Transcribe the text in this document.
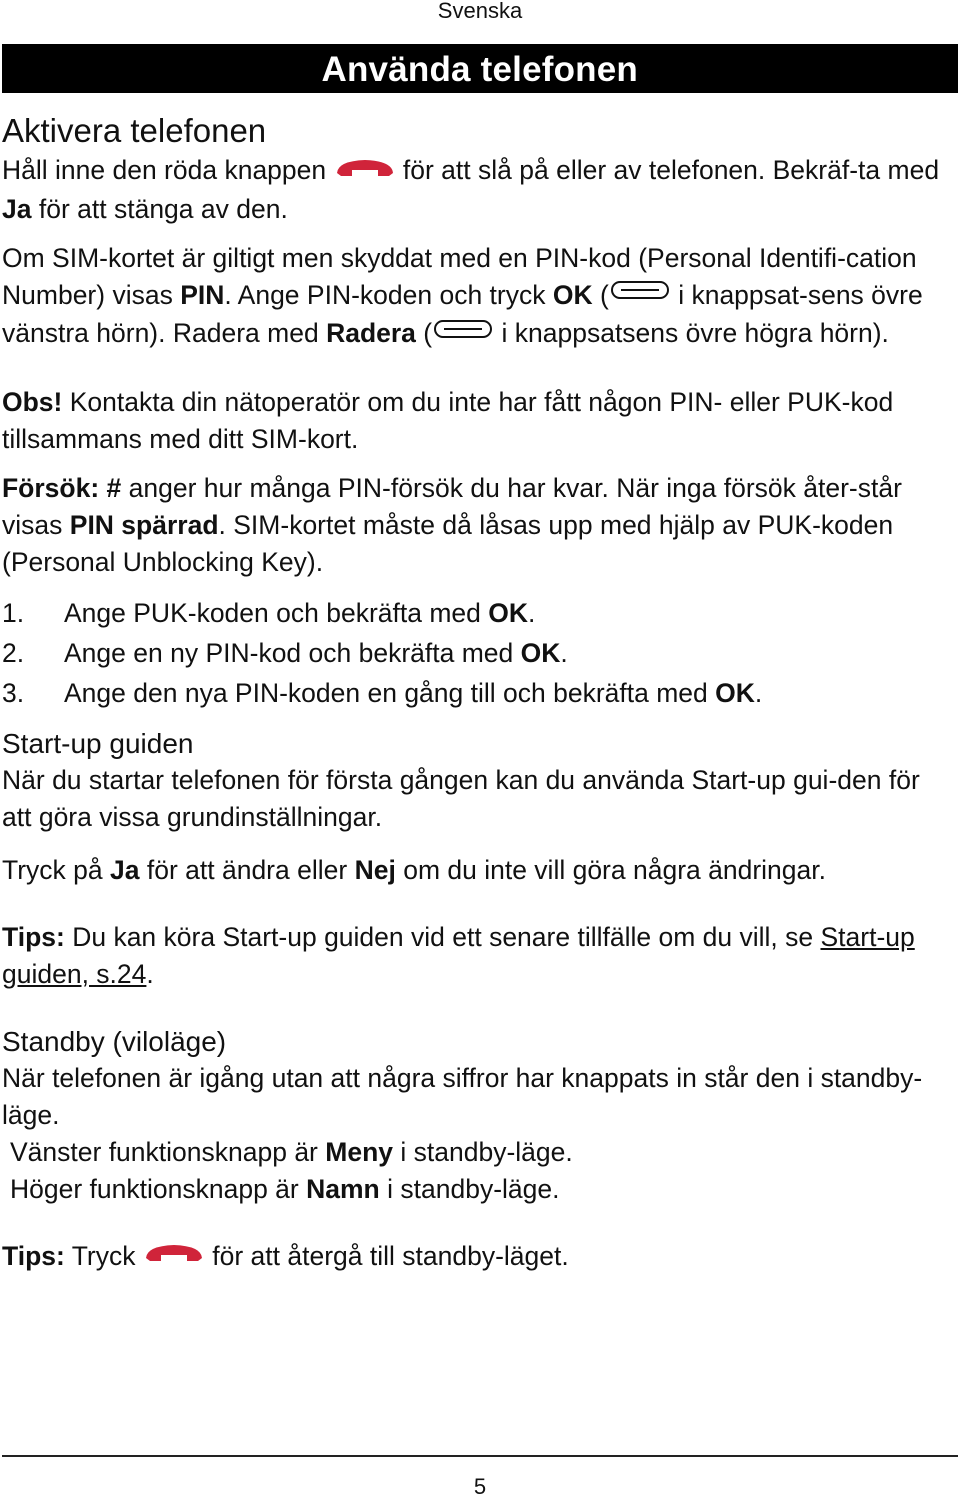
Svenska
Använda telefonen
Aktivera telefonen

Håll inne den röda knappen	för att slå på eller av telefonen. Bekräf-ta med Ja för att stänga av den.

Om SIM-kortet är giltigt men skyddat med en PIN-kod (Personal Identifi-cation Number) visas PIN. Ange PIN-koden och tryck OK (	i knappsat-sens övre vänstra hörn). Radera med Radera (	i knappsatsens övre högra hörn).

Obs! Kontakta din nätoperatör om du inte har fått någon PIN- eller PUK-kod tillsammans med ditt SIM-kort.

Försök: # anger hur många PIN-försök du har kvar. När inga försök åter-står visas PIN spärrad. SIM-kortet måste då låsas upp med hjälp av PUK-koden (Personal Unblocking Key).

1.	Ange PUK-koden och bekräfta med OK.
2.	Ange en ny PIN-kod och bekräfta med OK.
3.	Ange den nya PIN-koden en gång till och bekräfta med OK.
Start-up guiden

När du startar telefonen för första gången kan du använda Start-up gui-den för att göra vissa grundinställningar.

Tryck på Ja för att ändra eller Nej om du inte vill göra några ändringar.

Tips: Du kan köra Start-up guiden vid ett senare tillfälle om du vill, se Start-up guiden, s.24.

Standby (viloläge)

När telefonen är igång utan att några siffror har knappats in står den i standby-läge.

Vänster funktionsknapp är Meny i standby-läge.

Höger funktionsknapp är Namn i standby-läge.

Tips: Tryck	för att återgå till standby-läget.

5
